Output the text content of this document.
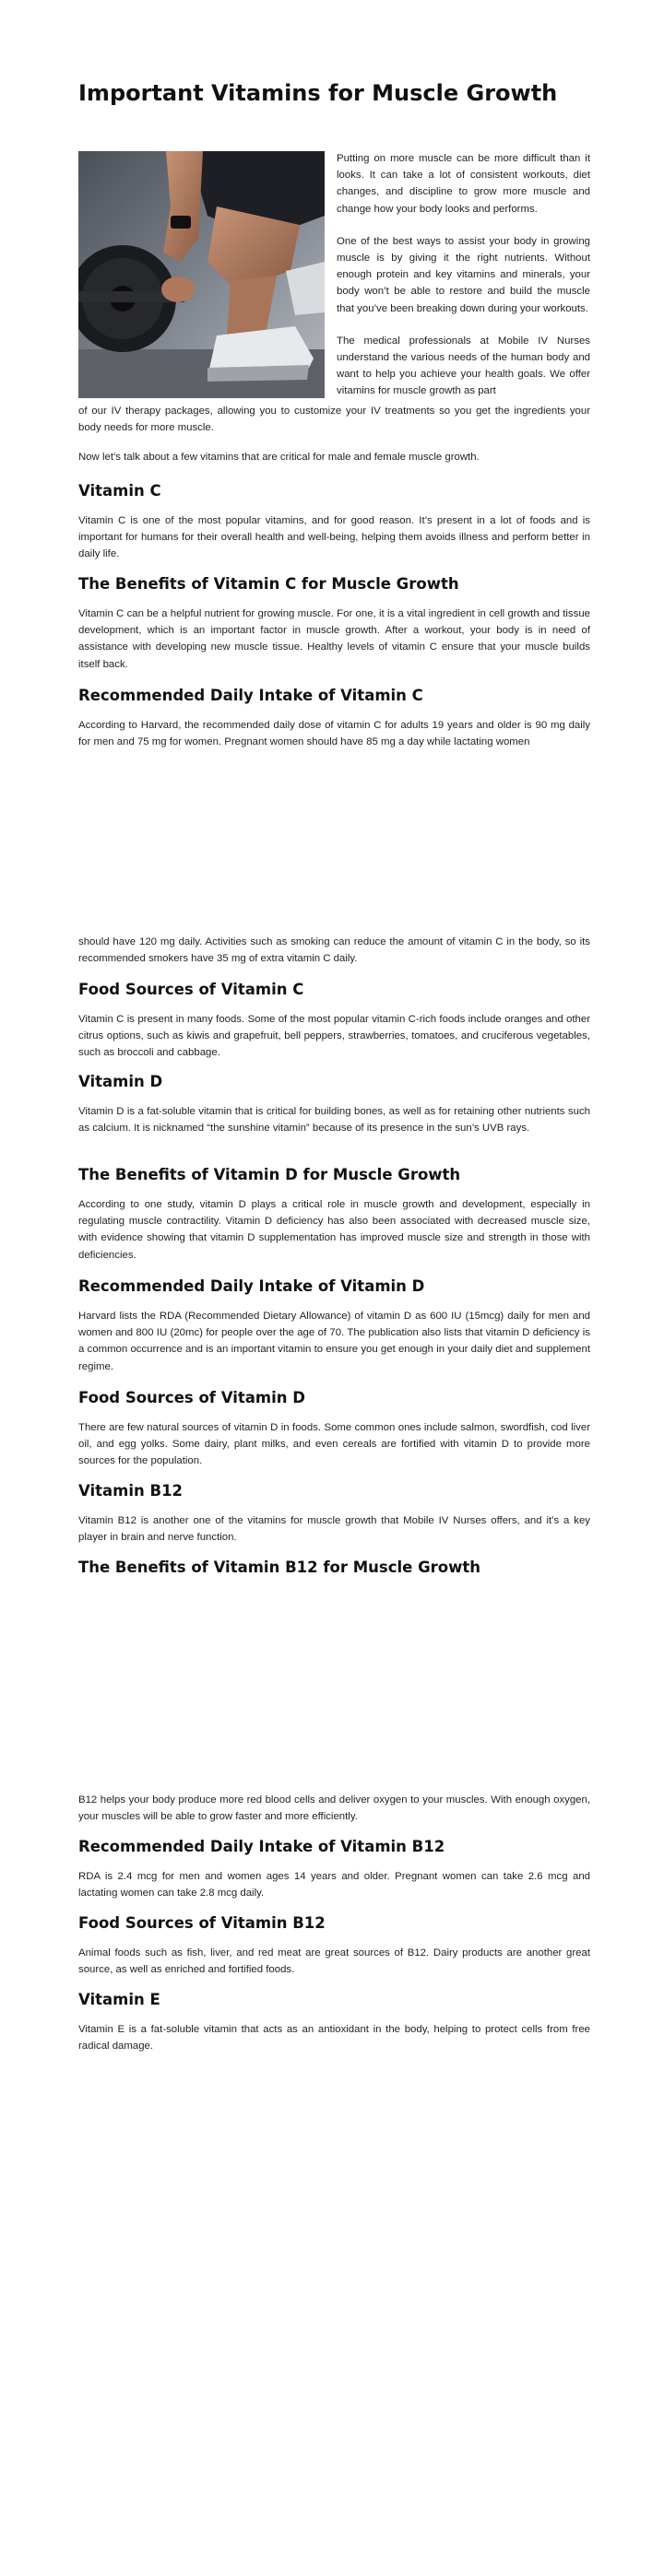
Important Vitamins for Muscle Growth

Putting on more muscle can be more difficult than it looks. It can take a lot of consistent workouts, diet changes, and discipline to grow more muscle and change how your body looks and performs.

One of the best ways to assist your body in growing muscle is by giving it the right nutrients. Without enough protein and key vitamins and minerals, your body won’t be able to restore and build the muscle that you’ve been breaking down during your workouts.

The medical professionals at Mobile IV Nurses understand the various needs of the human body and want to help you achieve your health goals. We offer vitamins for muscle growth as part

of our IV therapy packages, allowing you to customize your IV treatments so you get the ingredients your body needs for more muscle.

Now let’s talk about a few vitamins that are critical for male and female muscle growth.

Vitamin C

Vitamin C is one of the most popular vitamins, and for good reason. It’s present in a lot of foods and is important for humans for their overall health and well-being, helping them avoids illness and perform better in daily life.

The Benefits of Vitamin C for Muscle Growth

Vitamin C can be a helpful nutrient for growing muscle. For one, it is a vital ingredient in cell growth and tissue development, which is an important factor in muscle growth. After a workout, your body is in need of assistance with developing new muscle tissue. Healthy levels of vitamin C ensure that your muscle builds itself back.

Recommended Daily Intake of Vitamin C

According to Harvard, the recommended daily dose of vitamin C for adults 19 years and older is 90 mg daily for men and 75 mg for women. Pregnant women should have 85 mg a day while lactating women

should have 120 mg daily. Activities such as smoking can reduce the amount of vitamin C in the body, so its recommended smokers have 35 mg of extra vitamin C daily.

Food Sources of Vitamin C

Vitamin C is present in many foods. Some of the most popular vitamin C-rich foods include oranges and other citrus options, such as kiwis and grapefruit, bell peppers, strawberries, tomatoes, and cruciferous vegetables, such as broccoli and cabbage.

Vitamin D

Vitamin D is a fat-soluble vitamin that is critical for building bones, as well as for retaining other nutrients such as calcium. It is nicknamed “the sunshine vitamin” because of its presence in the sun’s UVB rays.

The Benefits of Vitamin D for Muscle Growth

According to one study, vitamin D plays a critical role in muscle growth and development, especially in regulating muscle contractility. Vitamin D deficiency has also been associated with decreased muscle size, with evidence showing that vitamin D supplementation has improved muscle size and strength in those with deficiencies.

Recommended Daily Intake of Vitamin D

Harvard lists the RDA (Recommended Dietary Allowance) of vitamin D as 600 IU (15mcg) daily for men and women and 800 IU (20mc) for people over the age of 70. The publication also lists that vitamin D deficiency is a common occurrence and is an important vitamin to ensure you get enough in your daily diet and supplement regime.

Food Sources of Vitamin D

There are few natural sources of vitamin D in foods. Some common ones include salmon, swordfish, cod liver oil, and egg yolks. Some dairy, plant milks, and even cereals are fortified with vitamin D to provide more sources for the population.

Vitamin B12

Vitamin B12 is another one of the vitamins for muscle growth that Mobile IV Nurses offers, and it’s a key player in brain and nerve function.

The Benefits of Vitamin B12 for Muscle Growth

B12 helps your body produce more red blood cells and deliver oxygen to your muscles. With enough oxygen, your muscles will be able to grow faster and more efficiently.

Recommended Daily Intake of Vitamin B12

RDA is 2.4 mcg for men and women ages 14 years and older. Pregnant women can take 2.6 mcg and lactating women can take 2.8 mcg daily.

Food Sources of Vitamin B12

Animal foods such as fish, liver, and red meat are great sources of B12. Dairy products are another great source, as well as enriched and fortified foods.

Vitamin E

Vitamin E is a fat-soluble vitamin that acts as an antioxidant in the body, helping to protect cells from free radical damage.
